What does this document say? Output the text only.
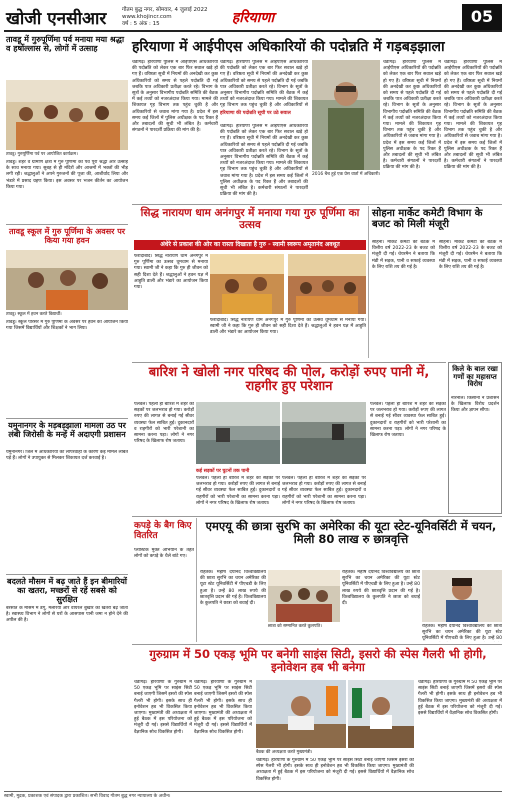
खोजी एनसीआर	गौतम बुद्ध नगर, सोमवार, 4 जुलाई 2022
www.khojincr.com
वर्ष : 5 अंक : 15	हरियाणा	05
हरियाणा में आईपीएस अधिकारियों की पदोन्नति में गड़बड़झाला
चंडीगढ़। हरियाणा पुलिस में आईपीएस अधिकारियों की पदोन्नति को लेकर एक बार फिर सवाल खड़े हो गए हैं। वरिष्ठता सूची में नियमों की अनदेखी कर कुछ अधिकारियों को समय से पहले पदोन्नति दी गई जबकि पात्र अधिकारी प्रतीक्षा करते रहे। विभाग के सूत्रों के अनुसार विभागीय पदोन्नति समिति की बैठक में कई तथ्यों को नजरअंदाज किया गया। मामले की शिकायत गृह विभाग तक पहुंच चुकी है और अधिकारियों से जवाब मांगा गया है। प्रदेश में इस समय कई जिलों में पुलिस अधीक्षक के पद रिक्त हैं और तबादलों की सूची भी लंबित है। कर्मचारी संगठनों ने पारदर्शी प्रक्रिया की मांग की है।
हरियाणा की पदोन्नति सूची पर उठे सवाल
चंडीगढ़। हरियाणा पुलिस में आईपीएस अधिकारियों की पदोन्नति को लेकर एक बार फिर सवाल खड़े हो गए हैं। वरिष्ठता सूची में नियमों की अनदेखी कर कुछ अधिकारियों को समय से पहले पदोन्नति दी गई जबकि पात्र अधिकारी प्रतीक्षा करते रहे। विभाग के सूत्रों के अनुसार विभागीय पदोन्नति समिति की बैठक में कई तथ्यों को नजरअंदाज किया गया। मामले की शिकायत गृह विभाग तक पहुंच चुकी है और अधिकारियों से
चंडीगढ़। हरियाणा पुलिस में आईपीएस अधिकारियों की पदोन्नति को लेकर एक बार फिर सवाल खड़े हो गए हैं। वरिष्ठता सूची में नियमों की अनदेखी कर कुछ अधिकारियों को समय से पहले पदोन्नति दी गई जबकि पात्र अधिकारी प्रतीक्षा करते रहे। विभाग के सूत्रों के अनुसार विभागीय पदोन्नति समिति की बैठक में कई तथ्यों को नजरअंदाज किया गया। मामले की शिकायत गृह विभाग तक पहुंच चुकी है और अधिकारियों से जवाब मांगा गया है। प्रदेश में इस समय कई जिलों में पुलिस अधीक्षक के पद रिक्त हैं और तबादलों की सूची भी लंबित है। कर्मचारी संगठनों ने पारदर्शी प्रक्रिया की मांग की है।
2016 बैच हुई एक प्रेस वार्ता में अधिकारी।
चंडीगढ़। हरियाणा पुलिस में आईपीएस अधिकारियों की पदोन्नति को लेकर एक बार फिर सवाल खड़े हो गए हैं। वरिष्ठता सूची में नियमों की अनदेखी कर कुछ अधिकारियों को समय से पहले पदोन्नति दी गई जबकि पात्र अधिकारी प्रतीक्षा करते रहे। विभाग के सूत्रों के अनुसार विभागीय पदोन्नति समिति की बैठक में कई तथ्यों को नजरअंदाज किया गया। मामले की शिकायत गृह विभाग तक पहुंच चुकी है और अधिकारियों से जवाब मांगा गया है। प्रदेश में इस समय कई जिलों में पुलिस अधीक्षक के पद रिक्त हैं और तबादलों की सूची भी लंबित है। कर्मचारी संगठनों ने पारदर्शी प्रक्रिया की मांग की है।
चंडीगढ़। हरियाणा पुलिस में आईपीएस अधिकारियों की पदोन्नति को लेकर एक बार फिर सवाल खड़े हो गए हैं। वरिष्ठता सूची में नियमों की अनदेखी कर कुछ अधिकारियों को समय से पहले पदोन्नति दी गई जबकि पात्र अधिकारी प्रतीक्षा करते रहे। विभाग के सूत्रों के अनुसार विभागीय पदोन्नति समिति की बैठक में कई तथ्यों को नजरअंदाज किया गया। मामले की शिकायत गृह विभाग तक पहुंच चुकी है और अधिकारियों से जवाब मांगा गया है। प्रदेश में इस समय कई जिलों में पुलिस अधीक्षक के पद रिक्त हैं और तबादलों की सूची भी लंबित है। कर्मचारी संगठनों ने पारदर्शी प्रक्रिया की मांग की है।
तावडू में गुरुपूर्णिमा पर्व मनाया मया श्रद्धा व हर्षोल्लास से, लोगों में उत्साह
तावडू। गुरुपूर्णिमा पर्व पर आयोजित कार्यक्रम।
तावडू। शहर व ग्रामीण क्षेत्रों में गुरु पूर्णिमा का पर्व पूरी श्रद्धा और उत्साह के साथ मनाया गया। सुबह से ही मंदिरों और आश्रमों में भक्तों की भीड़ लगी रही। श्रद्धालुओं ने अपने गुरुजनों की पूजा की, आशीर्वाद लिया और भंडारे में प्रसाद ग्रहण किया। इस अवसर पर भजन कीर्तन का आयोजन किया गया।
तावडू स्कूल में गुरु पूर्णिमा के अवसर पर किया गया हवन
तावडू। स्कूल में हवन करते विद्यार्थी।
तावडू। स्कूल परिसर में गुरु पूर्णिमा के अवसर पर हवन का आयोजन किया गया जिसमें विद्यार्थियों और शिक्षकों ने भाग लिया।
सिद्ध नारायण धाम अनंगपुर में मनाया गया गुरु पूर्णिमा का उत्सव
अंधेरे से प्रकाश की ओर का रास्ता दिखाता है गुरु - स्वामी स्वरूप अमृतानंद अवधूत
फरीदाबाद। सिद्ध नारायण धाम अनंगपुर में गुरु पूर्णिमा का उत्सव धूमधाम से मनाया गया। स्वामी जी ने कहा कि गुरु ही जीवन को सही दिशा देते हैं। श्रद्धालुओं ने हवन यज्ञ में आहुति डाली और भंडारे का आयोजन किया गया।
फरीदाबाद। सिद्ध नारायण धाम अनंगपुर में गुरु पूर्णिमा का उत्सव धूमधाम से मनाया गया। स्वामी जी ने कहा कि गुरु ही जीवन को सही दिशा देते हैं। श्रद्धालुओं ने हवन यज्ञ में आहुति डाली और भंडारे का आयोजन किया गया।
सोहना मार्केट कमेटी विभाग के बजट को मिली मंजूरी
सोहना। मार्केट कमेटी की बैठक में वित्तीय वर्ष 2022-23 के बजट को मंजूरी दी गई। चेयरमैन ने बताया कि मंडी में सड़क, पानी व सफाई व्यवस्था के लिए राशि तय की गई है।
सोहना। मार्केट कमेटी की बैठक में वित्तीय वर्ष 2022-23 के बजट को मंजूरी दी गई। चेयरमैन ने बताया कि मंडी में सड़क, पानी व सफाई व्यवस्था के लिए राशि तय की गई है।
बारिश ने खोली नगर परिषद की पोल, करोड़ों रुपए पानी में, राहगीर हुए परेशान
पलवल। पहली ही बारिश में शहर की सड़कों पर जलभराव हो गया। करोड़ों रुपए की लागत से बनाई गई सीवर व्यवस्था फेल साबित हुई। दुकानदारों व राहगीरों को भारी परेशानी का सामना करना पड़ा। लोगों ने नगर परिषद के खिलाफ रोष जताया।
कई सड़कों पर घुटनों तक पानी
पलवल। पहली ही बारिश में शहर की सड़कों पर जलभराव हो गया। करोड़ों रुपए की लागत से बनाई गई सीवर व्यवस्था फेल साबित हुई। दुकानदारों व राहगीरों को भारी परेशानी का सामना करना पड़ा। लोगों ने नगर परिषद के खिलाफ रोष जताया।
पलवल। पहली ही बारिश में शहर की सड़कों पर जलभराव हो गया। करोड़ों रुपए की लागत से बनाई गई सीवर व्यवस्था फेल साबित हुई। दुकानदारों व राहगीरों को भारी परेशानी का सामना करना पड़ा। लोगों ने नगर परिषद के खिलाफ रोष जताया।
पलवल। पहली ही बारिश में शहर की सड़कों पर जलभराव हो गया। करोड़ों रुपए की लागत से बनाई गई सीवर व्यवस्था फेल साबित हुई। दुकानदारों व राहगीरों को भारी परेशानी का सामना करना पड़ा। लोगों ने नगर परिषद के खिलाफ रोष जताया।
किले के बाल रखा गणों का महासप्त विरोध
नारनौल। किसानों ने प्रशासन के खिलाफ विरोध प्रदर्शन किया और ज्ञापन सौंपा।
यमुनानगर के मड़बड़झाला मामला उठ पर लंबी जिरोसी के मन्हें में अदाएगी प्रशासन
यमुनानगर। जिले में अधिकारियों की लापरवाही के कारण कई मामले लंबित पड़े हैं। लोगों ने उपायुक्त से मिलकर शिकायत दर्ज करवाई है।
बदलते मौसम में बढ़ जाते हैं इन बीमारियों का खतरा, मच्छरों से रहें सबसे को सुरक्षित
बरसात के मौसम में डेंगू, मलेरिया और वायरल बुखार का खतरा बढ़ जाता है। स्वास्थ्य विभाग ने लोगों से घरों के आसपास पानी जमा न होने देने की अपील की है।
कपड़े के बैग किए वितरित
प्लास्टिक मुक्त अभियान के तहत लोगों को कपड़े के थैले बांटे गए।
एमएयू की छात्रा सुरभि का अमेरिका की यूटा स्टेट-यूनिवर्सिटी में चयन, मिली 80 लाख रु छात्रवृत्ति
रोहतक। महर्षि दयानंद विश्वविद्यालय की छात्रा सुरभि का चयन अमेरिका की यूटा स्टेट यूनिवर्सिटी में पीएचडी के लिए हुआ है। उन्हें 80 लाख रुपये की छात्रवृत्ति प्रदान की गई है। विश्वविद्यालय के कुलपति ने छात्रा को बधाई दी।
छात्रा को सम्मानित करते कुलपति।
रोहतक। महर्षि दयानंद विश्वविद्यालय की छात्रा सुरभि का चयन अमेरिका की यूटा स्टेट यूनिवर्सिटी में पीएचडी के लिए हुआ है। उन्हें 80 लाख रुपये की छात्रवृत्ति प्रदान की गई है। विश्वविद्यालय के कुलपति ने छात्रा को बधाई दी।
रोहतक। महर्षि दयानंद विश्वविद्यालय की छात्रा सुरभि का चयन अमेरिका की यूटा स्टेट यूनिवर्सिटी में पीएचडी के लिए हुआ है। उन्हें 80
गुरुग्राम में 50 एकड़ भूमि पर बनेगी साइंस सिटी, इसरो की स्पेस गैलरी भी होगी, इनोवेशन हब भी बनेगा
चंडीगढ़। हरियाणा के गुरुग्राम में 50 एकड़ भूमि पर साइंस सिटी बनाई जाएगी जिसमें इसरो की स्पेस गैलरी भी होगी। इसके साथ ही इनोवेशन हब भी विकसित किया जाएगा। मुख्यमंत्री की अध्यक्षता में हुई बैठक में इस परियोजना को मंजूरी दी गई। इससे विद्यार्थियों में वैज्ञानिक सोच विकसित होगी।
चंडीगढ़। हरियाणा के गुरुग्राम में 50 एकड़ भूमि पर साइंस सिटी बनाई जाएगी जिसमें इसरो की स्पेस गैलरी भी होगी। इसके साथ ही इनोवेशन हब भी विकसित किया जाएगा। मुख्यमंत्री की अध्यक्षता में हुई बैठक में इस परियोजना को मंजूरी दी गई। इससे विद्यार्थियों में वैज्ञानिक सोच विकसित होगी।
बैठक की अध्यक्षता करते मुख्यमंत्री।
चंडीगढ़। हरियाणा के गुरुग्राम में 50 एकड़ भूमि पर साइंस सिटी बनाई जाएगी जिसमें इसरो की स्पेस गैलरी भी होगी। इसके साथ ही इनोवेशन हब भी विकसित किया जाएगा। मुख्यमंत्री की अध्यक्षता में हुई बैठक में इस परियोजना को मंजूरी दी गई। इससे विद्यार्थियों में वैज्ञानिक सोच विकसित होगी।
चंडीगढ़। हरियाणा के गुरुग्राम में 50 एकड़ भूमि पर साइंस सिटी बनाई जाएगी जिसमें इसरो की स्पेस गैलरी भी होगी। इसके साथ ही इनोवेशन हब भी विकसित किया जाएगा। मुख्यमंत्री की अध्यक्षता में हुई बैठक में इस परियोजना को मंजूरी दी गई। इससे विद्यार्थियों में वैज्ञानिक सोच विकसित होगी।
स्वामी, मुद्रक, प्रकाशक एवं संपादक द्वारा प्रकाशित। सभी विवाद गौतम बुद्ध नगर न्यायालय के अधीन।
